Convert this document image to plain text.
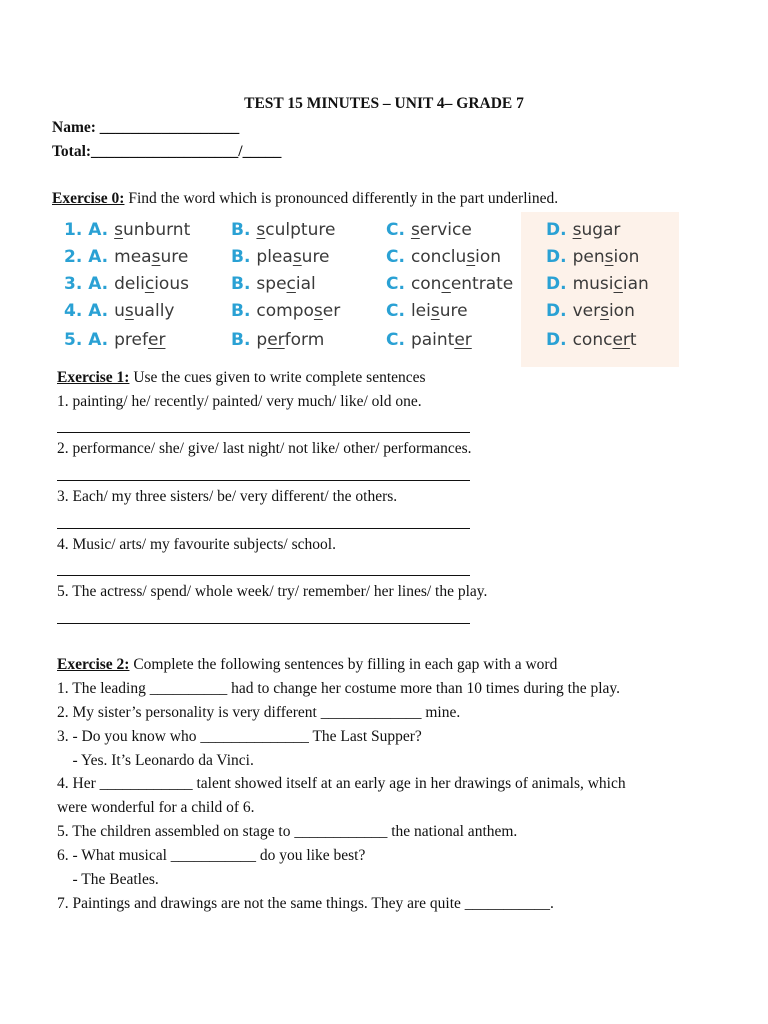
TEST 15 MINUTES – UNIT 4– GRADE 7
Name: __________________
Total:___________________/_____
Exercise 0: Find the word which is pronounced differently in the part underlined.
1. A. sunburnt B. sculpture	C. service	D. sugar
2. A. measure	B. pleasure	C. conclusion	D. pension
3. A. delicious B. special	C. concentrate D. musician
4. A. usually	B. composer	C. leisure	D. version
5. A. prefer	B. perform	C. painter	D. concert
Exercise 1: Use the cues given to write complete sentences
1. painting/ he/ recently/ painted/ very much/ like/ old one.
2. performance/ she/ give/ last night/ not like/ other/ performances.
3. Each/ my three sisters/ be/ very different/ the others.
4. Music/ arts/ my favourite subjects/ school.
5. The actress/ spend/ whole week/ try/ remember/ her lines/ the play.
Exercise 2: Complete the following sentences by filling in each gap with a word
1. The leading __________ had to change her costume more than 10 times during the play.
2. My sister’s personality is very different _____________ mine.
3. - Do you know who ______________ The Last Supper?
- Yes. It’s Leonardo da Vinci.
4. Her ____________ talent showed itself at an early age in her drawings of animals, which
were wonderful for a child of 6.
5. The children assembled on stage to ____________ the national anthem.
6. - What musical ___________ do you like best?
- The Beatles.
7. Paintings and drawings are not the same things. They are quite ___________.
